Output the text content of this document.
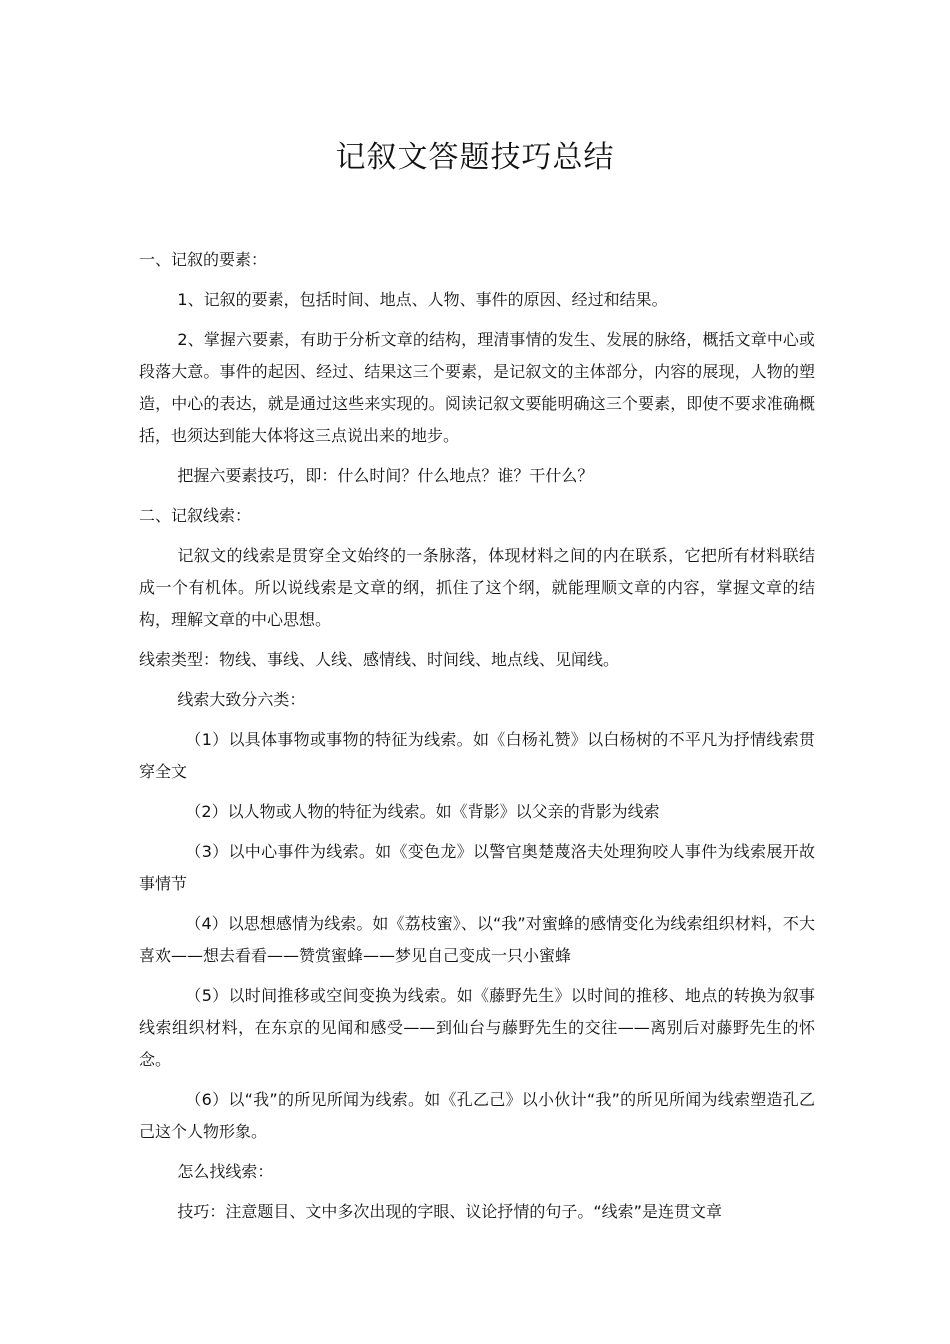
记叙文答题技巧总结

一、记叙的要素：

1、记叙的要素，包括时间、地点、人物、事件的原因、经过和结果。

2、掌握六要素，有助于分析文章的结构，理清事情的发生、发展的脉络，概括文章中心或段落大意。事件的起因、经过、结果这三个要素，是记叙文的主体部分，内容的展现，人物的塑造，中心的表达，就是通过这些来实现的。阅读记叙文要能明确这三个要素，即使不要求准确概括，也须达到能大体将这三点说出来的地步。

把握六要素技巧，即：什么时间？什么地点？谁？干什么？

二、记叙线索：

记叙文的线索是贯穿全文始终的一条脉落，体现材料之间的内在联系，它把所有材料联结成一个有机体。所以说线索是文章的纲，抓住了这个纲，就能理顺文章的内容，掌握文章的结构，理解文章的中心思想。

线索类型：物线、事线、人线、感情线、时间线、地点线、见闻线。

线索大致分六类：

（1）以具体事物或事物的特征为线索。如《白杨礼赞》以白杨树的不平凡为抒情线索贯穿全文

（2）以人物或人物的特征为线索。如《背影》以父亲的背影为线索

（3）以中心事件为线索。如《变色龙》以警官奥楚蔑洛夫处理狗咬人事件为线索展开故事情节

（4）以思想感情为线索。如《荔枝蜜》、以“我”对蜜蜂的感情变化为线索组织材料，不大喜欢——想去看看——赞赏蜜蜂——梦见自己变成一只小蜜蜂

（5）以时间推移或空间变换为线索。如《藤野先生》以时间的推移、地点的转换为叙事线索组织材料，在东京的见闻和感受——到仙台与藤野先生的交往——离别后对藤野先生的怀念。

（6）以“我”的所见所闻为线索。如《孔乙己》以小伙计“我”的所见所闻为线索塑造孔乙己这个人物形象。

怎么找线索：

技巧：注意题目、文中多次出现的字眼、议论抒情的句子。“线索”是连贯文章
